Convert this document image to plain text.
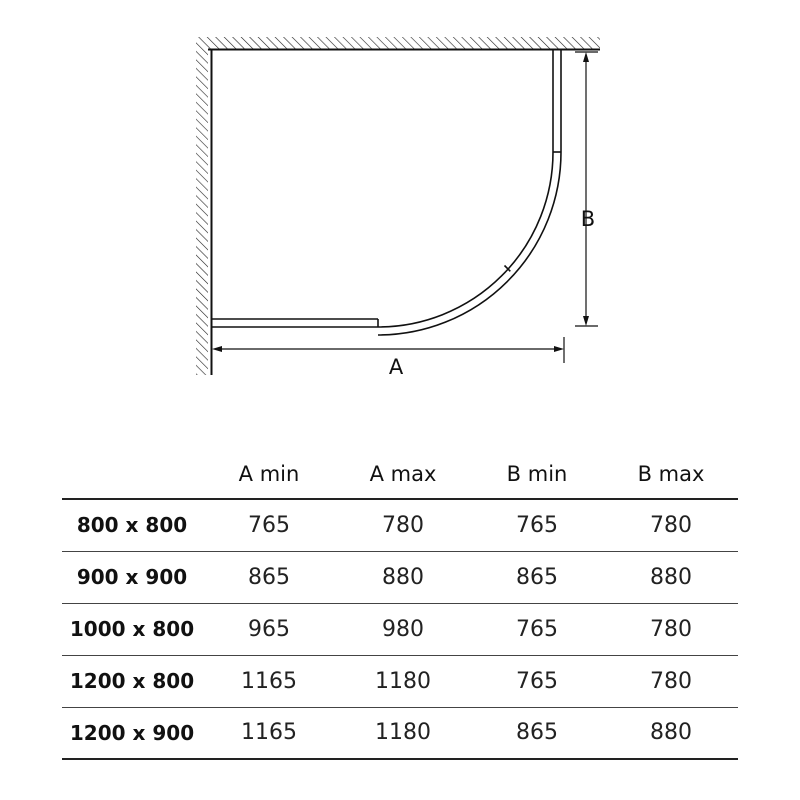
B
A
	A min	A max	B min	B max
800 x 800	765	780	765	780
900 x 900	865	880	865	880
1000 x 800	965	980	765	780
1200 x 800	1165	1180	765	780
1200 x 900	1165	1180	865	880
